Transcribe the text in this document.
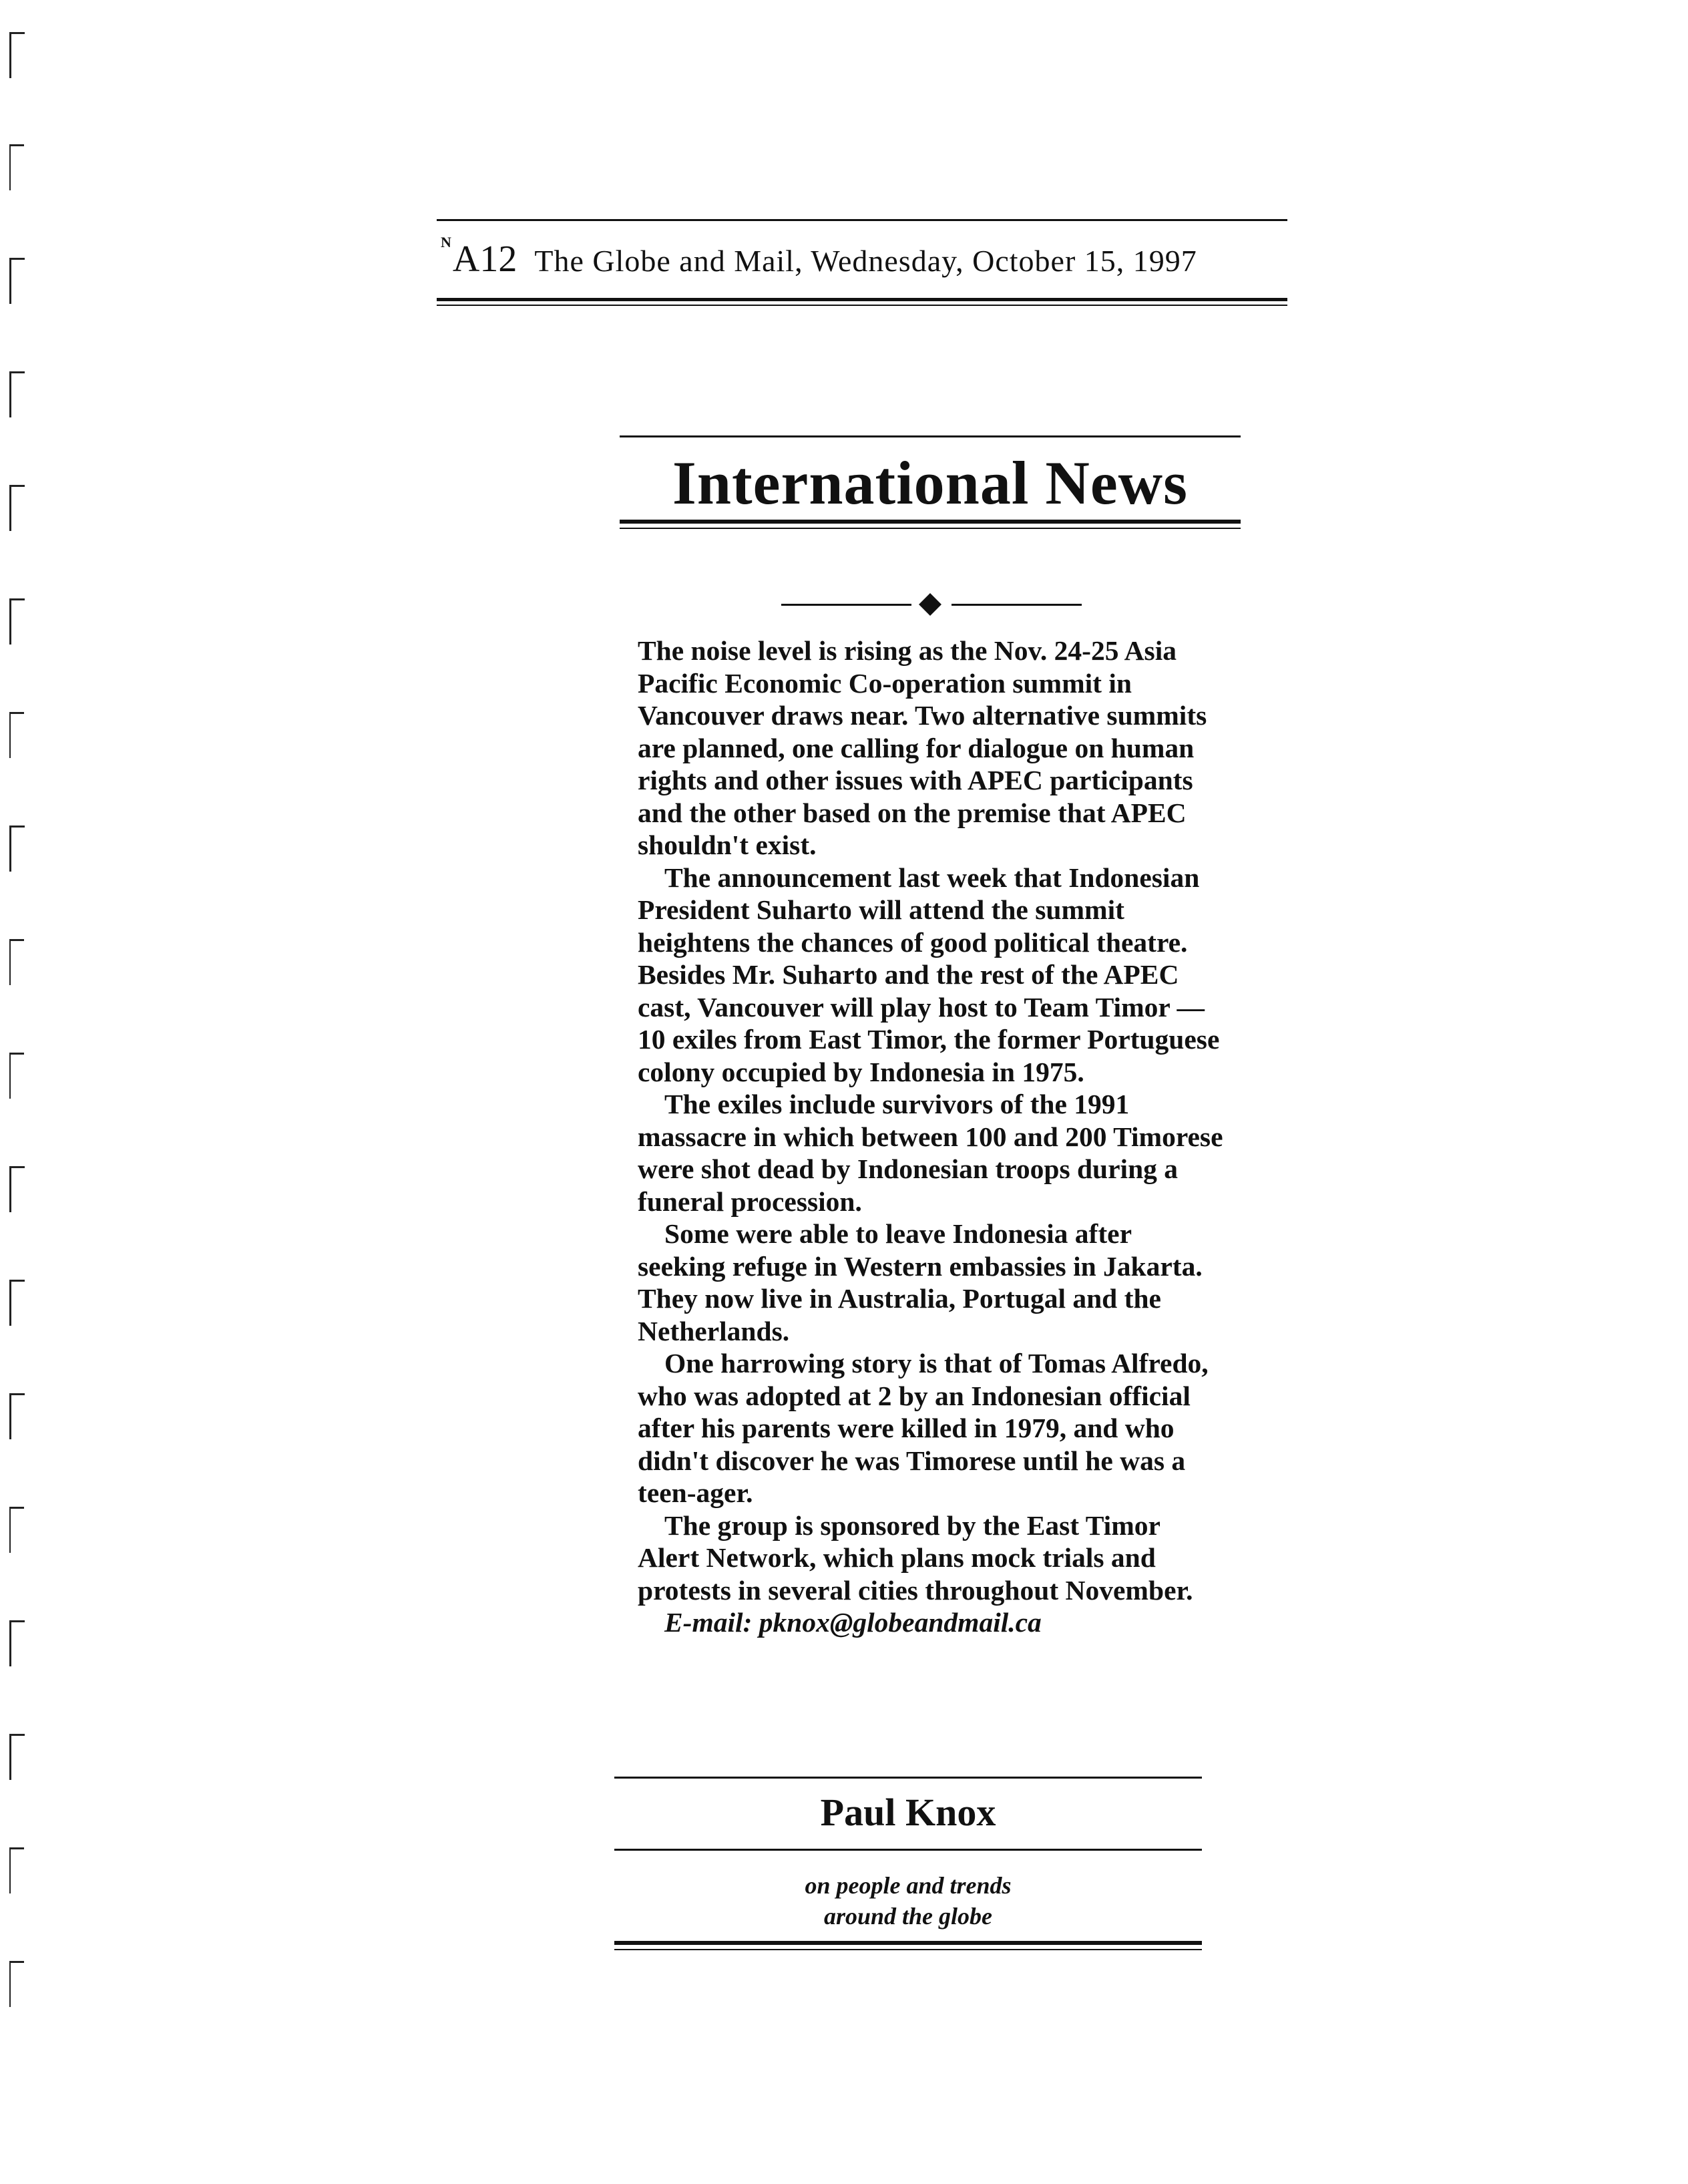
N A12 The Globe and Mail, Wednesday, October 15, 1997
International News

The noise level is rising as the Nov. 24-25 Asia Pacific Economic Co-operation summit in Vancouver draws near. Two alternative summits are planned, one calling for dialogue on human rights and other issues with APEC participants and the other based on the premise that APEC shouldn't exist.

The announcement last week that Indonesian President Suharto will attend the summit heightens the chances of good political theatre. Besides Mr. Suharto and the rest of the APEC cast, Vancouver will play host to Team Timor — 10 exiles from East Timor, the former Portuguese colony occupied by Indonesia in 1975.

The exiles include survivors of the 1991 massacre in which between 100 and 200 Timorese were shot dead by Indonesian troops during a funeral procession.

Some were able to leave Indonesia after seeking refuge in Western embassies in Jakarta. They now live in Australia, Portugal and the Netherlands.

One harrowing story is that of Tomas Alfredo, who was adopted at 2 by an Indonesian official after his parents were killed in 1979, and who didn't discover he was Timorese until he was a teen-ager.

The group is sponsored by the East Timor Alert Network, which plans mock trials and protests in several cities throughout November.

E-mail: pknox@globeandmail.ca

Paul Knox
on people and trends
around the globe
